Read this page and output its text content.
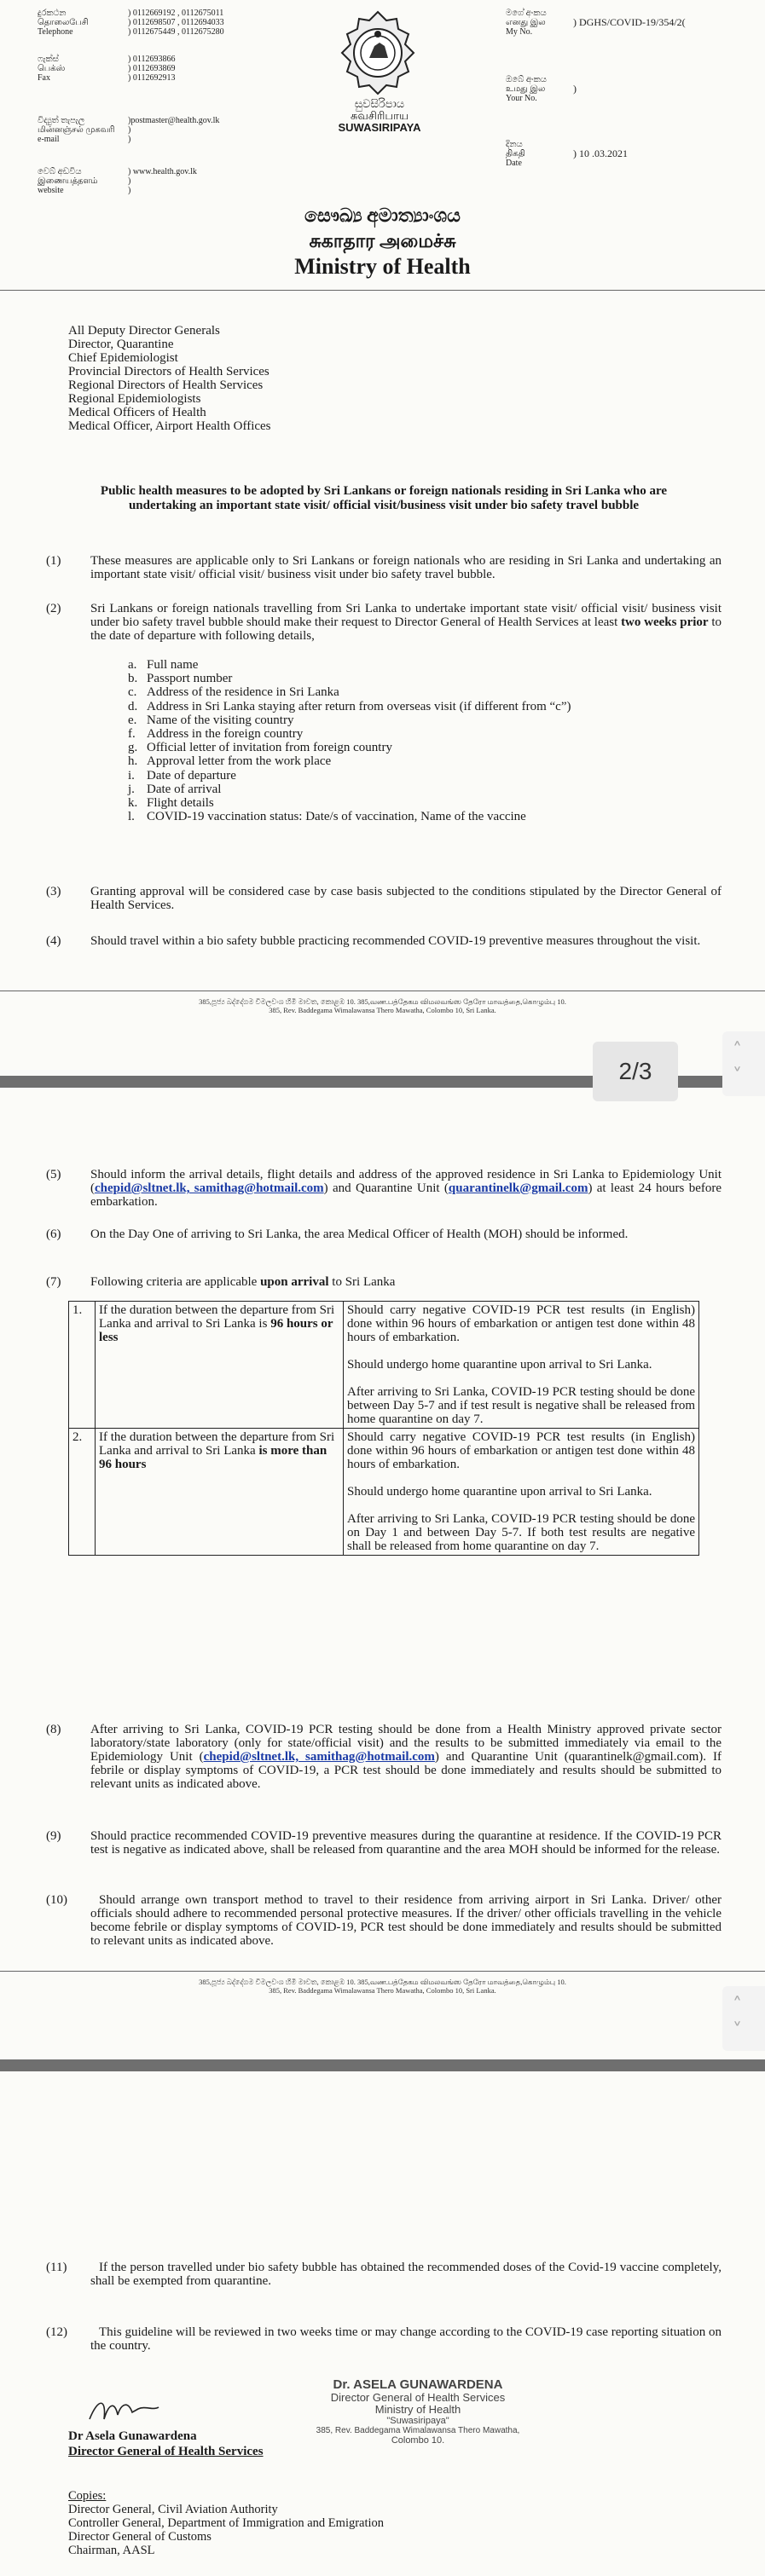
දුරකථන	) 0112669192 , 0112675011
தொலைபேசி	) 0112698507 , 0112694033
Telephone	) 0112675449 , 0112675280
ෆැක්ස්	) 0112693866
பெக்ஸ்	) 0112693869
Fax	) 0112692913
විද්‍යුත් තැපැල	)postmaster@health.gov.lk
மின்னஞ்சல் முகவரி )
e-mail	)
වෙබ් අඩවිය	) www.health.gov.lk
இணையத்தளம்	)
website	)
මගේ අංකය
எனது இல
My No.
) DGHS/COVID-19/354/2(
ඔබේ අංකය
உமது இல
Your No.
)
දිනය
திகதி
Date
) 10 .03.2021
සුවසිරිපාය
சுவசிரிபாய
SUWASIRIPAYA
සෞඛ්‍ය අමාත්‍යාංශය
சுகாதார அமைச்சு
Ministry of Health
All Deputy Director Generals
Director, Quarantine
Chief Epidemiologist
Provincial Directors of Health Services
Regional Directors of Health Services
Regional Epidemiologists
Medical Officers of Health
Medical Officer, Airport Health Offices
Public health measures to be adopted by Sri Lankans or foreign nationals residing in Sri Lanka who are undertaking an important state visit/ official visit/business visit under bio safety travel bubble
(1) These measures are applicable only to Sri Lankans or foreign nationals who are residing in Sri Lanka and undertaking an important state visit/ official visit/ business visit under bio safety travel bubble.
(2) Sri Lankans or foreign nationals travelling from Sri Lanka to undertake important state visit/ official visit/ business visit under bio safety travel bubble should make their request to Director General of Health Services at least two weeks prior to the date of departure with following details,
a. Full name
b. Passport number
c. Address of the residence in Sri Lanka
d. Address in Sri Lanka staying after return from overseas visit (if different from “c”)
e. Name of the visiting country
f. Address in the foreign country
g. Official letter of invitation from foreign country
h. Approval letter from the work place
i. Date of departure
j. Date of arrival
k. Flight details
l. COVID-19 vaccination status: Date/s of vaccination, Name of the vaccine
(3) Granting approval will be considered case by case basis subjected to the conditions stipulated by the Director General of Health Services.
(4) Should travel within a bio safety bubble practicing recommended COVID-19 preventive measures throughout the visit.
385,පූජ්‍ය බද්දේගම විමලවංශ හිමි මාවත, කොළඹ 10. 385,வண.பத்தேகம விமலவங்ஸ தேரோ மாவத்தை,கொழும்பு 10.
385, Rev. Baddegama Wimalawansa Thero Mawatha, Colombo 10, Sri Lanka.
2/3
˄
˅
(5) Should inform the arrival details, flight details and address of the approved residence in Sri Lanka to Epidemiology Unit (chepid@sltnet.lk, samithag@hotmail.com) and Quarantine Unit (quarantinelk@gmail.com) at least 24 hours before embarkation.
(6) On the Day One of arriving to Sri Lanka, the area Medical Officer of Health (MOH) should be informed.
(7) Following criteria are applicable upon arrival to Sri Lanka
1.	If the duration between the departure from Sri Lanka and arrival to Sri Lanka is 96 hours or less	Should carry negative COVID-19 PCR test results (in English) done within 96 hours of embarkation or antigen test done within 48 hours of embarkation.

Should undergo home quarantine upon arrival to Sri Lanka.

After arriving to Sri Lanka, COVID-19 PCR testing should be done between Day 5-7 and if test result is negative shall be released from home quarantine on day 7.

2.	If the duration between the departure from Sri Lanka and arrival to Sri Lanka is more than 96 hours	Should carry negative COVID-19 PCR test results (in English) done within 96 hours of embarkation or antigen test done within 48 hours of embarkation.

Should undergo home quarantine upon arrival to Sri Lanka.

After arriving to Sri Lanka, COVID-19 PCR testing should be done on Day 1 and between Day 5-7. If both test results are negative shall be released from home quarantine on day 7.

(8) After arriving to Sri Lanka, COVID-19 PCR testing should be done from a Health Ministry approved private sector laboratory/state laboratory (only for state/official visit) and the results to be submitted immediately via email to the Epidemiology Unit (chepid@sltnet.lk, samithag@hotmail.com) and Quarantine Unit (quarantinelk@gmail.com). If febrile or display symptoms of COVID-19, a PCR test should be done immediately and results should be submitted to relevant units as indicated above.
(9) Should practice recommended COVID-19 preventive measures during the quarantine at residence. If the COVID-19 PCR test is negative as indicated above, shall be released from quarantine and the area MOH should be informed for the release.
(10) Should arrange own transport method to travel to their residence from arriving airport in Sri Lanka. Driver/ other officials should adhere to recommended personal protective measures. If the driver/ other officials travelling in the vehicle become febrile or display symptoms of COVID-19, PCR test should be done immediately and results should be submitted to relevant units as indicated above.
385,පූජ්‍ය බද්දේගම විමලවංශ හිමි මාවත, කොළඹ 10. 385,வண.பத்தேகம விமலவங்ஸ தேரோ மாவத்தை,கொழும்பு 10.
385, Rev. Baddegama Wimalawansa Thero Mawatha, Colombo 10, Sri Lanka.
˄
˅
(11)	If the person travelled under bio safety bubble has obtained the recommended doses of the Covid-19 vaccine completely, shall be exempted from quarantine.
(12) This guideline will be reviewed in two weeks time or may change according to the COVID-19 case reporting situation on the country.
Dr Asela Gunawardena
Director General of Health Services
Dr. ASELA GUNAWARDENA
Director General of Health Services
Ministry of Health
"Suwasiripaya"
385, Rev. Baddegama Wimalawansa Thero Mawatha,
Colombo 10.
Copies:
Director General, Civil Aviation Authority
Controller General, Department of Immigration and Emigration
Director General of Customs
Chairman, AASL
